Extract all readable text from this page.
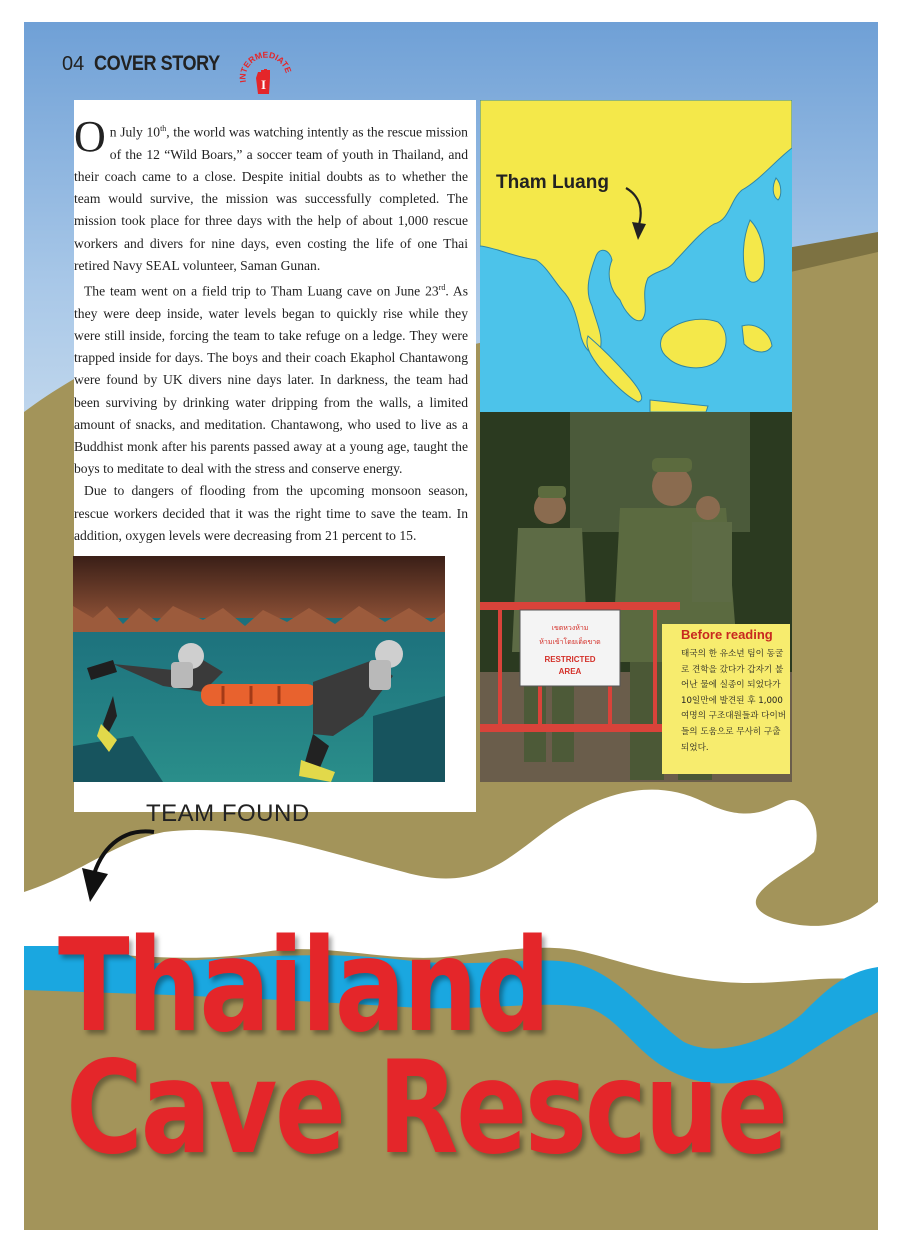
04 COVER STORY
INTERMEDIATE
I

On July 10th, the world was watching intently as the rescue mission of the 12 “Wild Boars,” a soccer team of youth in Thailand, and their coach came to a close. Despite initial doubts as to whether the team would survive, the mission was successfully completed. The mission took place for three days with the help of about 1,000 rescue workers and divers for nine days, even costing the life of one Thai retired Navy SEAL volunteer, Saman Gunan.

The team went on a field trip to Tham Luang cave on June 23rd. As they were deep inside, water levels began to quickly rise while they were still inside, forcing the team to take refuge on a ledge. They were trapped inside for days. The boys and their coach Ekaphol Chantawong were found by UK divers nine days later. In darkness, the team had been surviving by drinking water dripping from the walls, a limited amount of snacks, and meditation. Chantawong, who used to live as a Buddhist monk after his parents passed away at a young age, taught the boys to meditate to deal with the stress and conserve energy.

Due to dangers of flooding from the upcoming monsoon season, rescue workers decided that it was the right time to save the team. In addition, oxygen levels were decreasing from 21 percent to 15.

Tham Luang
เขตหวงห้าม
ห้ามเข้าโดยเด็ดขาด
RESTRICTED
AREA
Before reading
태국의 한 유소년 팀이 동굴로 견학을 갔다가 갑자기 불어난 물에 실종이 되었다가 10일만에 발견된 후 1,000여명의 구조대원들과 다이버들의 도움으로 무사히 구출되었다.
TEAM FOUND
Thailand
Cave Rescue
